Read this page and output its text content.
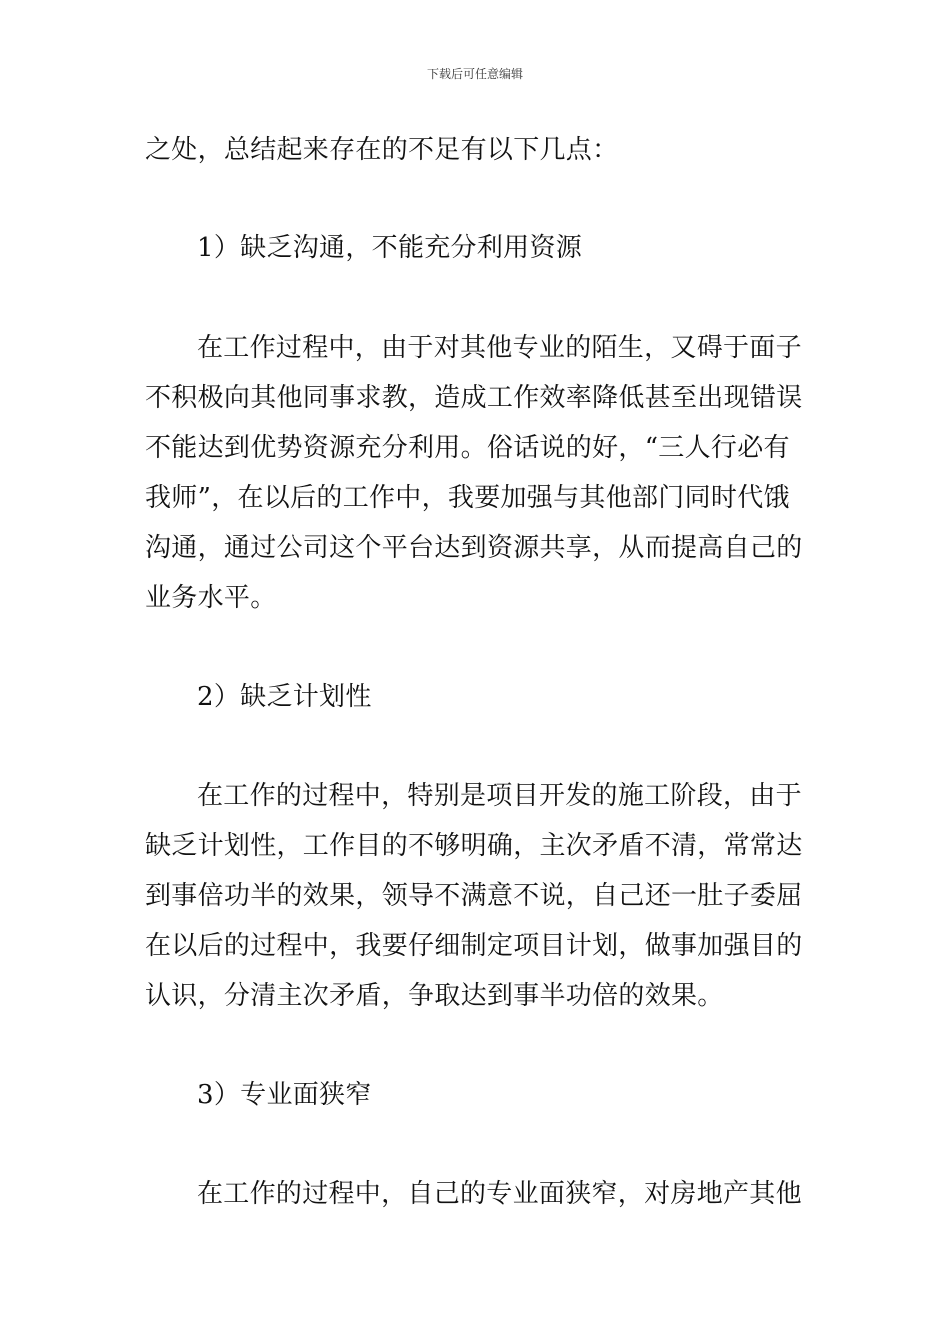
下载后可任意编辑
之处，总结起来存在的不足有以下几点：
1）缺乏沟通，不能充分利用资源
在工作过程中，由于对其他专业的陌生，又碍于面子
不积极向其他同事求教，造成工作效率降低甚至出现错误
不能达到优势资源充分利用。俗话说的好，“三人行必有
我师”，在以后的工作中，我要加强与其他部门同时代饿
沟通，通过公司这个平台达到资源共享，从而提高自己的
业务水平。
2）缺乏计划性
在工作的过程中，特别是项目开发的施工阶段，由于
缺乏计划性，工作目的不够明确，主次矛盾不清，常常达
到事倍功半的效果，领导不满意不说，自己还一肚子委屈
在以后的过程中，我要仔细制定项目计划，做事加强目的
认识，分清主次矛盾，争取达到事半功倍的效果。
3）专业面狭窄
在工作的过程中，自己的专业面狭窄，对房地产其他
